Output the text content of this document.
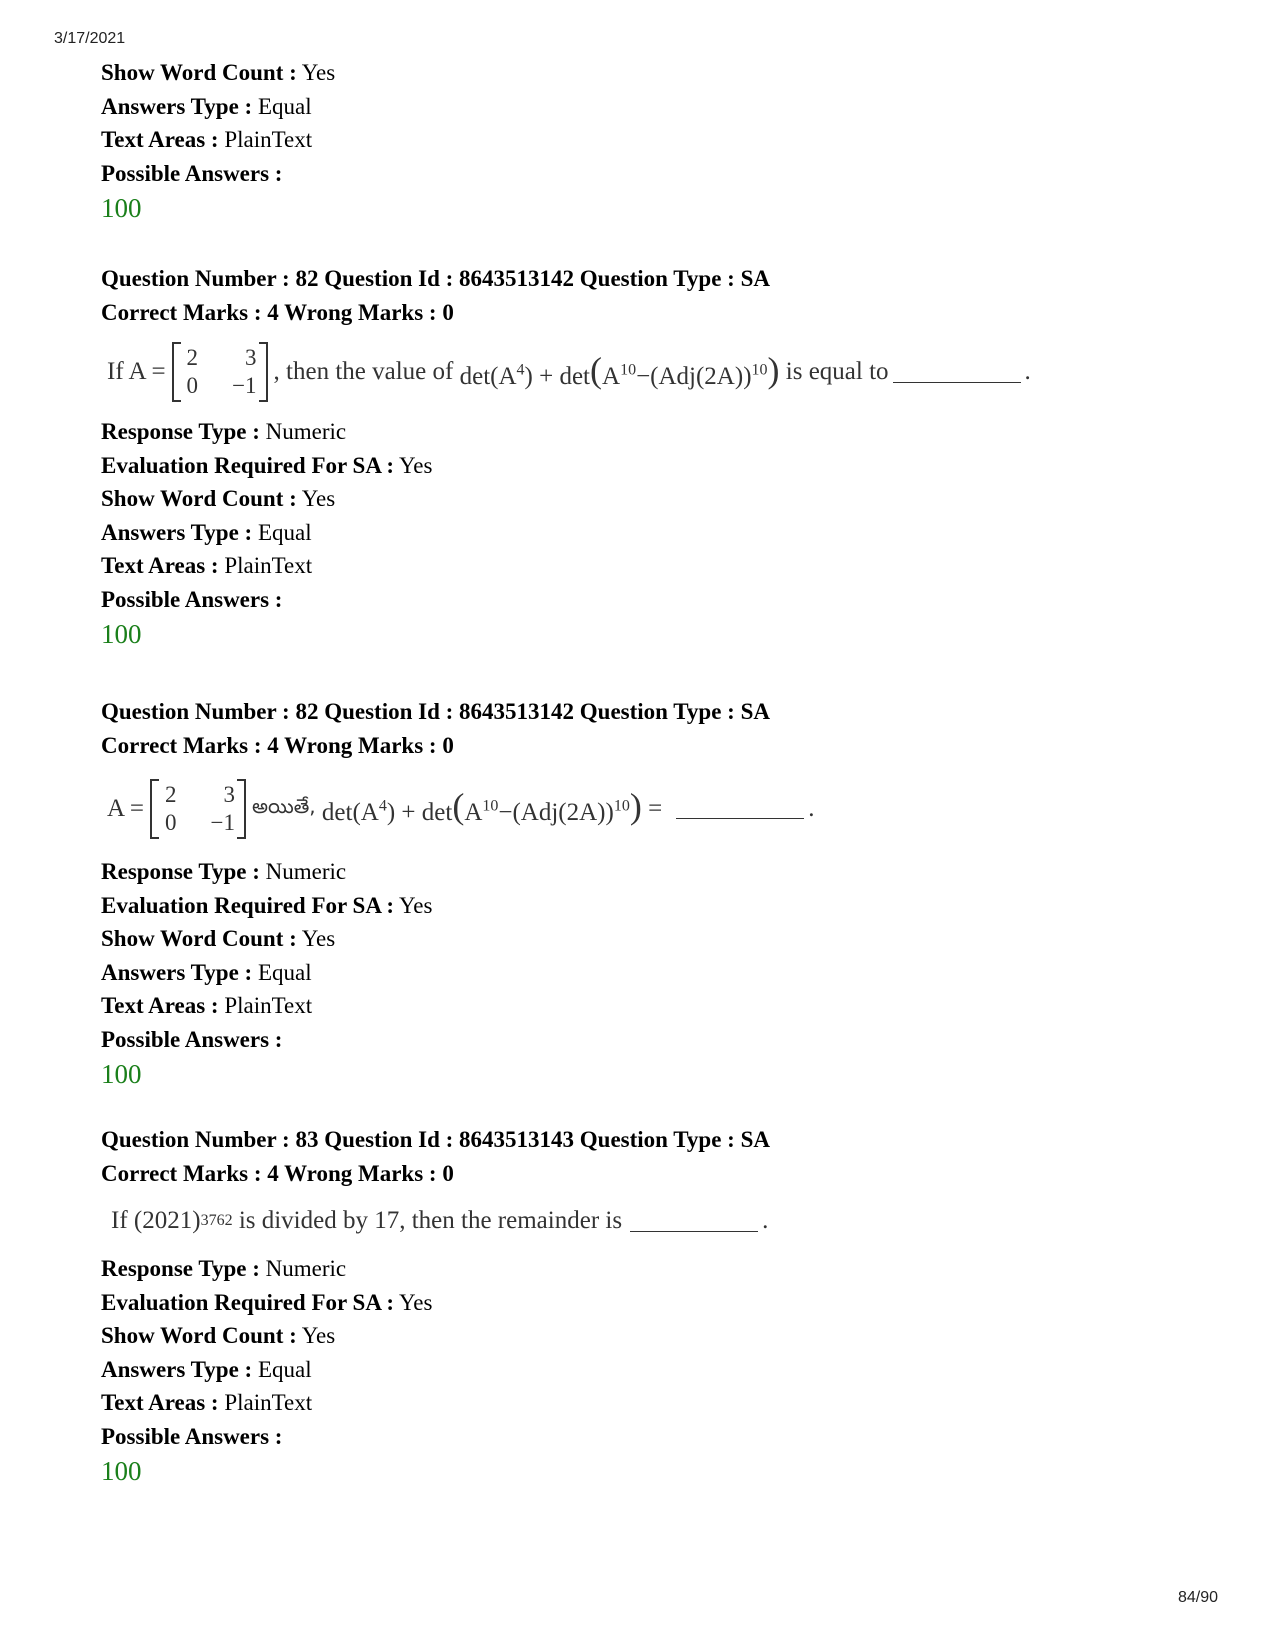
3/17/2021
Show Word Count : Yes
Answers Type : Equal
Text Areas : PlainText
Possible Answers :
100
Question Number : 82 Question Id : 8643513142 Question Type : SA
Correct Marks : 4 Wrong Marks : 0
If A =
2	3
0	−1
, then the value of
$\det(A^4) + \det(A^{10}-(Adj(2A))^{10})$
is equal to	.
Response Type : Numeric
Evaluation Required For SA : Yes
Show Word Count : Yes
Answers Type : Equal
Text Areas : PlainText
Possible Answers :
100
Question Number : 82 Question Id : 8643513142 Question Type : SA
Correct Marks : 4 Wrong Marks : 0
A =
2	3
0	−1
అయితే,
$\det(A^4) + \det(A^{10}-(Adj(2A))^{10})$
=	.
Response Type : Numeric
Evaluation Required For SA : Yes
Show Word Count : Yes
Answers Type : Equal
Text Areas : PlainText
Possible Answers :
100
Question Number : 83 Question Id : 8643513143 Question Type : SA
Correct Marks : 4 Wrong Marks : 0
If (2021) 3762 is divided by 17, then the remainder is	.
Response Type : Numeric
Evaluation Required For SA : Yes
Show Word Count : Yes
Answers Type : Equal
Text Areas : PlainText
Possible Answers :
100
84/90
